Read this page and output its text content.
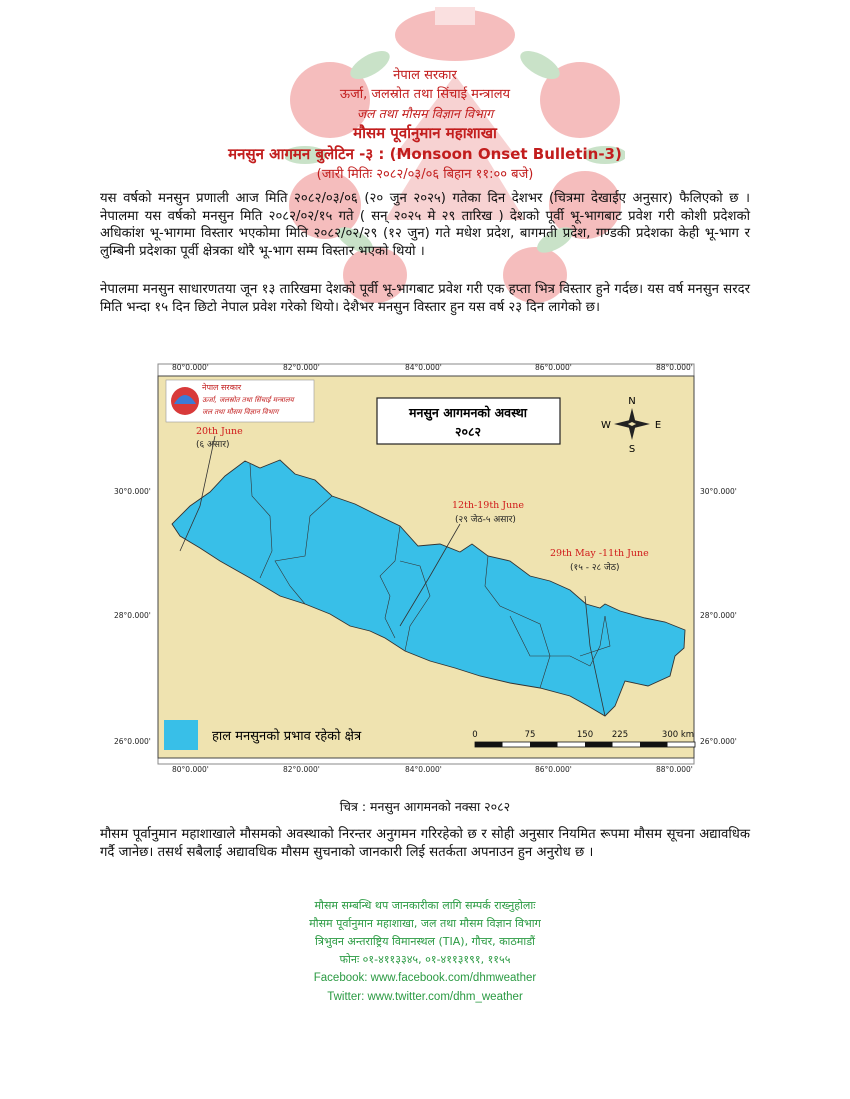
नेपाल सरकार
ऊर्जा, जलस्रोत तथा सिंचाई मन्त्रालय
जल तथा मौसम विज्ञान विभाग
मौसम पूर्वानुमान महाशाखा
मनसुन आगमन बुलेटिन -३ : (Monsoon Onset Bulletin-3)
(जारी मितिः २०८२/०३/०६ बिहान ११:०० बजे)
यस वर्षको मनसुन प्रणाली आज मिति २०८२/०३/०६ (२० जुन २०२५) गतेका दिन देशभर (चित्रमा देखाईए अनुसार) फैलिएको छ । नेपालमा यस वर्षको मनसुन मिति २०८२/०२/१५ गते ( सन् २०२५ मे २९ तारिख ) देशको पूर्वी भू-भागबाट प्रवेश गरी कोशी प्रदेशको अधिकांश भू-भागमा विस्तार भएकोमा मिति २०८२/०२/२९ (१२ जुन) गते मधेश प्रदेश, बागमती प्रदेश, गण्डकी प्रदेशका केही भू-भाग र लुम्बिनी प्रदेशका पूर्वी क्षेत्रका थोरै भू-भाग सम्म विस्तार भएको थियो ।
नेपालमा मनसुन साधारणतया जून १३ तारिखमा देशको पूर्वी भू-भागबाट प्रवेश गरी एक हप्ता भित्र विस्तार हुने गर्दछ। यस वर्ष मनसुन सरदर मिति भन्दा १५ दिन छिटो नेपाल प्रवेश गरेको थियो। देशैभर मनसुन विस्तार हुन यस वर्ष २३ दिन लागेको छ।
80°0.000'	82°0.000'	84°0.000'	86°0.000'	88°0.000'
80°0.000'	82°0.000'	84°0.000'	86°0.000'	88°0.000'
30°0.000'
28°0.000'
26°0.000'
30°0.000'
28°0.000'
26°0.000'
नेपाल सरकार
ऊर्जा, जलस्रोत तथा सिंचाई मन्त्रालय
जल तथा मौसम विज्ञान विभाग	मनसुन आगमनको अवस्था
२०८२
N
S
E
W
20th June
(६ असार)
12th-19th June
(२९ जेठ-५ असार)
29th May -11th June
(१५ - २८ जेठ)
हाल मनसुनको प्रभाव रहेको क्षेत्र	0	75	150 225	300 km
चित्र : मनसुन आगमनको नक्सा २०८२
मौसम पूर्वानुमान महाशाखाले मौसमको अवस्थाको निरन्तर अनुगमन गरिरहेको छ र सोही अनुसार नियमित रूपमा मौसम सूचना अद्यावधिक गर्दै जानेछ। तसर्थ सबैलाई अद्यावधिक मौसम सुचनाको जानकारी लिई सतर्कता अपनाउन हुन अनुरोध छ ।
मौसम सम्बन्धि थप जानकारीका लागि सम्पर्क राख्नुहोलाः
मौसम पूर्वानुमान महाशाखा, जल तथा मौसम विज्ञान विभाग
त्रिभुवन अन्तराष्ट्रिय विमानस्थल (TIA), गौचर, काठमाडौं
फोनः ०१-४११३३४५, ०१-४११३१९१, ११५५
Facebook: www.facebook.com/dhmweather
Twitter: www.twitter.com/dhm_weather
